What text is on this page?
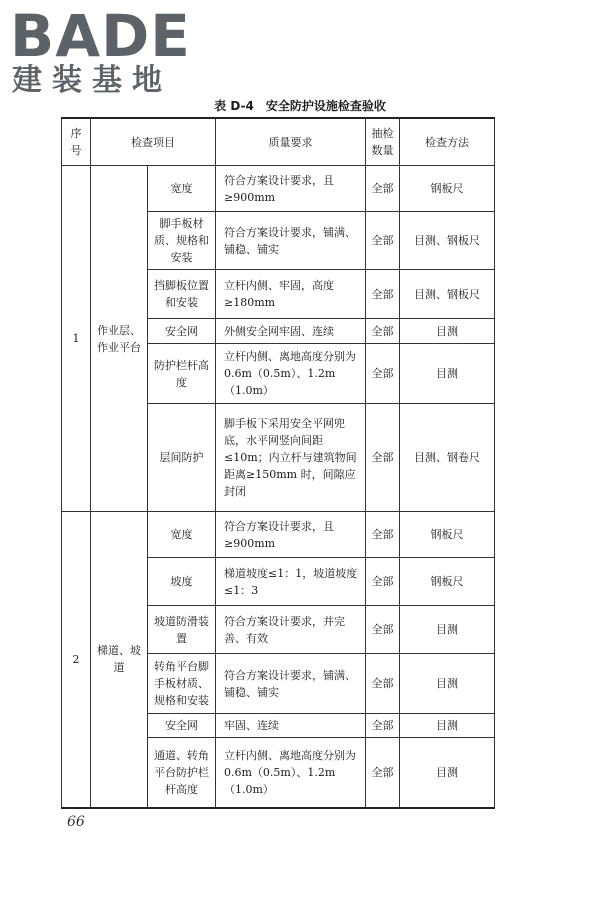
BADE
建装基地
表 D-4 安全防护设施检查验收
序号	检查项目		质量要求	抽检数量	检查方法
1	作业层、作业平台	宽度	符合方案设计要求，且≥900mm	全部	钢板尺
		脚手板材质、规格和安装	符合方案设计要求，铺满、铺稳、铺实	全部	目测、钢板尺
		挡脚板位置和安装	立杆内侧、牢固，高度≥180mm	全部	目测、钢板尺
		安全网	外侧安全网牢固、连续	全部	目测
		防护栏杆高度	立杆内侧、离地高度分别为 0.6m（0.5m）、1.2m（1.0m）	全部	目测
		层间防护	脚手板下采用安全平网兜底，水平网竖向间距≤10m；内立杆与建筑物间距离≥150mm 时，间隙应封闭	全部	目测、钢卷尺
2	梯道、坡道	宽度	符合方案设计要求，且≥900mm	全部	钢板尺
		坡度	梯道坡度≤1：1，坡道坡度≤1：3	全部	钢板尺
		坡道防滑装置	符合方案设计要求，并完善、有效	全部	目测
		转角平台脚手板材质、规格和安装	符合方案设计要求，铺满、铺稳、铺实	全部	目测
		安全网	牢固、连续	全部	目测
		通道、转角平台防护栏杆高度	立杆内侧、离地高度分别为 0.6m（0.5m）、1.2m（1.0m）	全部	目测
66
